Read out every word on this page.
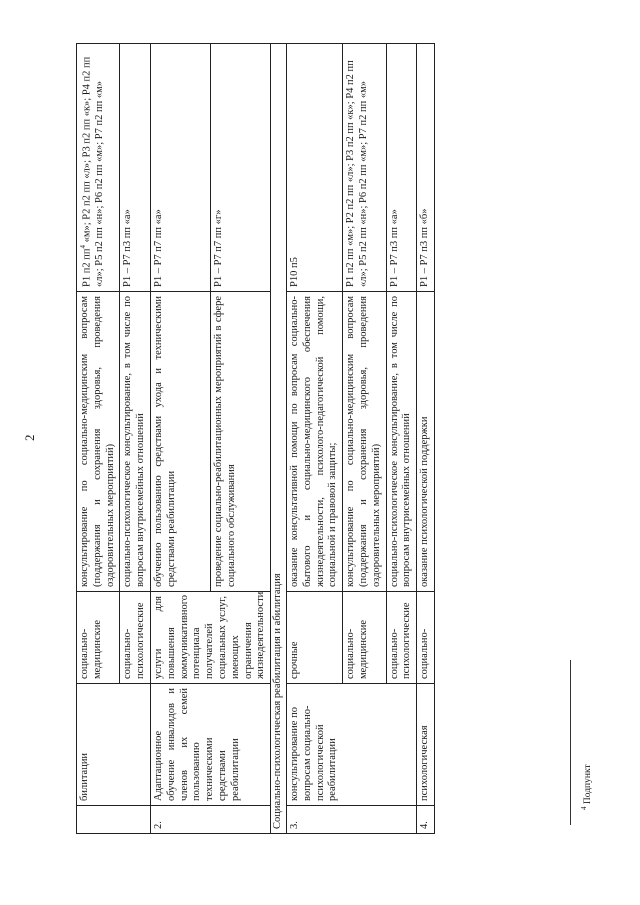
2
	билитации	социально-медицинские	консультирование по социально-медицинским вопросам (поддержания и сохранения здоровья, проведения оздоровительных мероприятий)	Р1 п2 $пп^4$ «м»; Р2 п2 пп «л»; Р3 п2 пп «к»; Р4 п2 пп «л»; Р5 п2 пп «н»; Р6 п2 пп «м»; Р7 п2 пп «м»
		социально-психологические	социально-психологическое консультирование, в том числе по вопросам внутрисемейных отношений	Р1 – Р7 п3 пп «а»
2.	Адаптационное обучение инвалидов и членов их семей пользованию техническими средствами реабилитации	услуги для повышения коммуникативного потенциала получателей социальных услуг, имеющих ограничения жизнедеятельности	обучению пользованию средствами ухода и техническими средствами реабилитации	Р1 – Р7 п7 пп «а»
			проведение социально-реабилитационных мероприятий в сфере социального обслуживания	Р1 – Р7 п7 пп «г»
Социально-психологическая реабилитация и абилитация				
3.	консультирование по вопросам социально-психологической реабилитации	срочные	оказание консультативной помощи по вопросам социально-бытового и социально-медицинского обеспечения жизнедеятельности, психолого-педагогической помощи, социальной и правовой защиты;	Р10 п5
		социально-медицинские	консультирование по социально-медицинским вопросам (поддержания и сохранения здоровья, проведения оздоровительных мероприятий)	Р1 п2 пп «м»; Р2 п2 пп «л»; Р3 п2 пп «к»; Р4 п2 пп «л»; Р5 п2 пп «н»; Р6 п2 пп «м»; Р7 п2 пп «м»
		социально-психологические	социально-психологическое консультирование, в том числе по вопросам внутрисемейных отношений	Р1 – Р7 п3 пп «а»
4.	психологическая	социально-	оказание психологической поддержки	Р1 – Р7 п3 пп «б»
$^4$ Подпункт
